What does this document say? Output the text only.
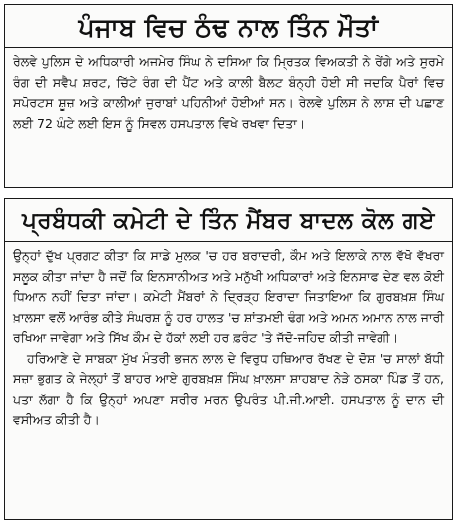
ਪੰਜਾਬ ਵਿਚ ਠੰਢ ਨਾਲ ਤਿੰਨ ਮੌਤਾਂ

ਰੇਲਵੇ ਪੁਲਿਸ ਦੇ ਅਧਿਕਾਰੀ ਅਜਮੇਰ ਸਿੰਘ ਨੇ ਦਸਿਆ ਕਿ ਮ੍ਰਿਤਕ ਵਿਅਕਤੀ ਨੇ ਰੇਂਗੇ ਅਤੇ ਸੁਰਮੇ ਰੰਗ ਦੀ ਸਵੈਪ ਸ਼ਰਟ, ਚਿੱਟੇ ਰੰਗ ਦੀ ਪੈਂਟ ਅਤੇ ਕਾਲੀ ਬੈਲਟ ਬੰਨ੍ਹੀ ਹੋਈ ਸੀ ਜਦਕਿ ਪੈਰਾਂ ਵਿਚ ਸਪੋਰਟਸ ਸ਼ੂਜ਼ ਅਤੇ ਕਾਲੀਆਂ ਜੁਰਾਬਾਂ ਪਹਿਨੀਆਂ ਹੋਈਆਂ ਸਨ। ਰੇਲਵੇ ਪੁਲਿਸ ਨੇ ਲਾਸ਼ ਦੀ ਪਛਾਣ ਲਈ 72 ਘੰਟੇ ਲਈ ਇਸ ਨੂੰ ਸਿਵਲ ਹਸਪਤਾਲ ਵਿਖੇ ਰਖਵਾ ਦਿਤਾ।

ਪ੍ਰਬੰਧਕੀ ਕਮੇਟੀ ਦੇ ਤਿੰਨ ਮੈਂਬਰ ਬਾਦਲ ਕੋਲ ਗਏ

ਉਨ੍ਹਾਂ ਦੁੱਖ ਪ੍ਰਗਟ ਕੀਤਾ ਕਿ ਸਾਡੇ ਮੁਲਕ 'ਚ ਹਰ ਬਰਾਦਰੀ, ਕੌਮ ਅਤੇ ਇਲਾਕੇ ਨਾਲ ਵੱਖੋ ਵੱਖਰਾ ਸਲੂਕ ਕੀਤਾ ਜਾਂਦਾ ਹੈ ਜਦੋਂ ਕਿ ਇਨਸਾਨੀਅਤ ਅਤੇ ਮਨੁੱਖੀ ਅਧਿਕਾਰਾਂ ਅਤੇ ਇਨਸਾਫ ਦੇਣ ਵਲ ਕੋਈ ਧਿਆਨ ਨਹੀਂ ਦਿਤਾ ਜਾਂਦਾ। ਕਮੇਟੀ ਮੈਂਬਰਾਂ ਨੇ ਦ੍ਰਿੜ੍ਹ ਇਰਾਦਾ ਜਿਤਾਇਆ ਕਿ ਗੁਰਬਖ਼ਸ਼ ਸਿੰਘ ਖ਼ਾਲਸਾ ਵਲੋਂ ਆਰੰਭ ਕੀਤੇ ਸੰਘਰਸ਼ ਨੂੰ ਹਰ ਹਾਲਤ 'ਚ ਸ਼ਾਂਤਮਈ ਢੰਗ ਅਤੇ ਅਮਨ ਅਮਾਨ ਨਾਲ ਜਾਰੀ ਰਖਿਆ ਜਾਵੇਗਾ ਅਤੇ ਸਿੱਖ ਕੌਮ ਦੇ ਹੱਕਾਂ ਲਈ ਹਰ ਫ਼ਰੰਟ 'ਤੇ ਜੱਦੋ-ਜਹਿਦ ਕੀਤੀ ਜਾਵੇਗੀ।

ਹਰਿਆਣੇ ਦੇ ਸਾਬਕਾ ਮੁੱਖ ਮੰਤਰੀ ਭਜਨ ਲਾਲ ਦੇ ਵਿਰੁਧ ਹਥਿਆਰ ਰੱਖਣ ਦੇ ਦੋਸ਼ 'ਚ ਸਾਲਾਂ ਬੱਧੀ ਸਜ਼ਾ ਭੁਗਤ ਕੇ ਜੇਲ੍ਹਾਂ ਤੋਂ ਬਾਹਰ ਆਏ ਗੁਰਬਖ਼ਸ਼ ਸਿੰਘ ਖ਼ਾਲਸਾ ਸ਼ਾਹਬਾਦ ਨੇੜੇ ਠਸਕਾ ਪਿੰਡ ਤੋਂ ਹਨ, ਪਤਾ ਲੱਗਾ ਹੈ ਕਿ ਉਨ੍ਹਾਂ ਅਪਣਾ ਸਰੀਰ ਮਰਨ ਉਪਰੰਤ ਪੀ.ਜੀ.ਆਈ. ਹਸਪਤਾਲ ਨੂੰ ਦਾਨ ਦੀ ਵਸੀਅਤ ਕੀਤੀ ਹੈ।
